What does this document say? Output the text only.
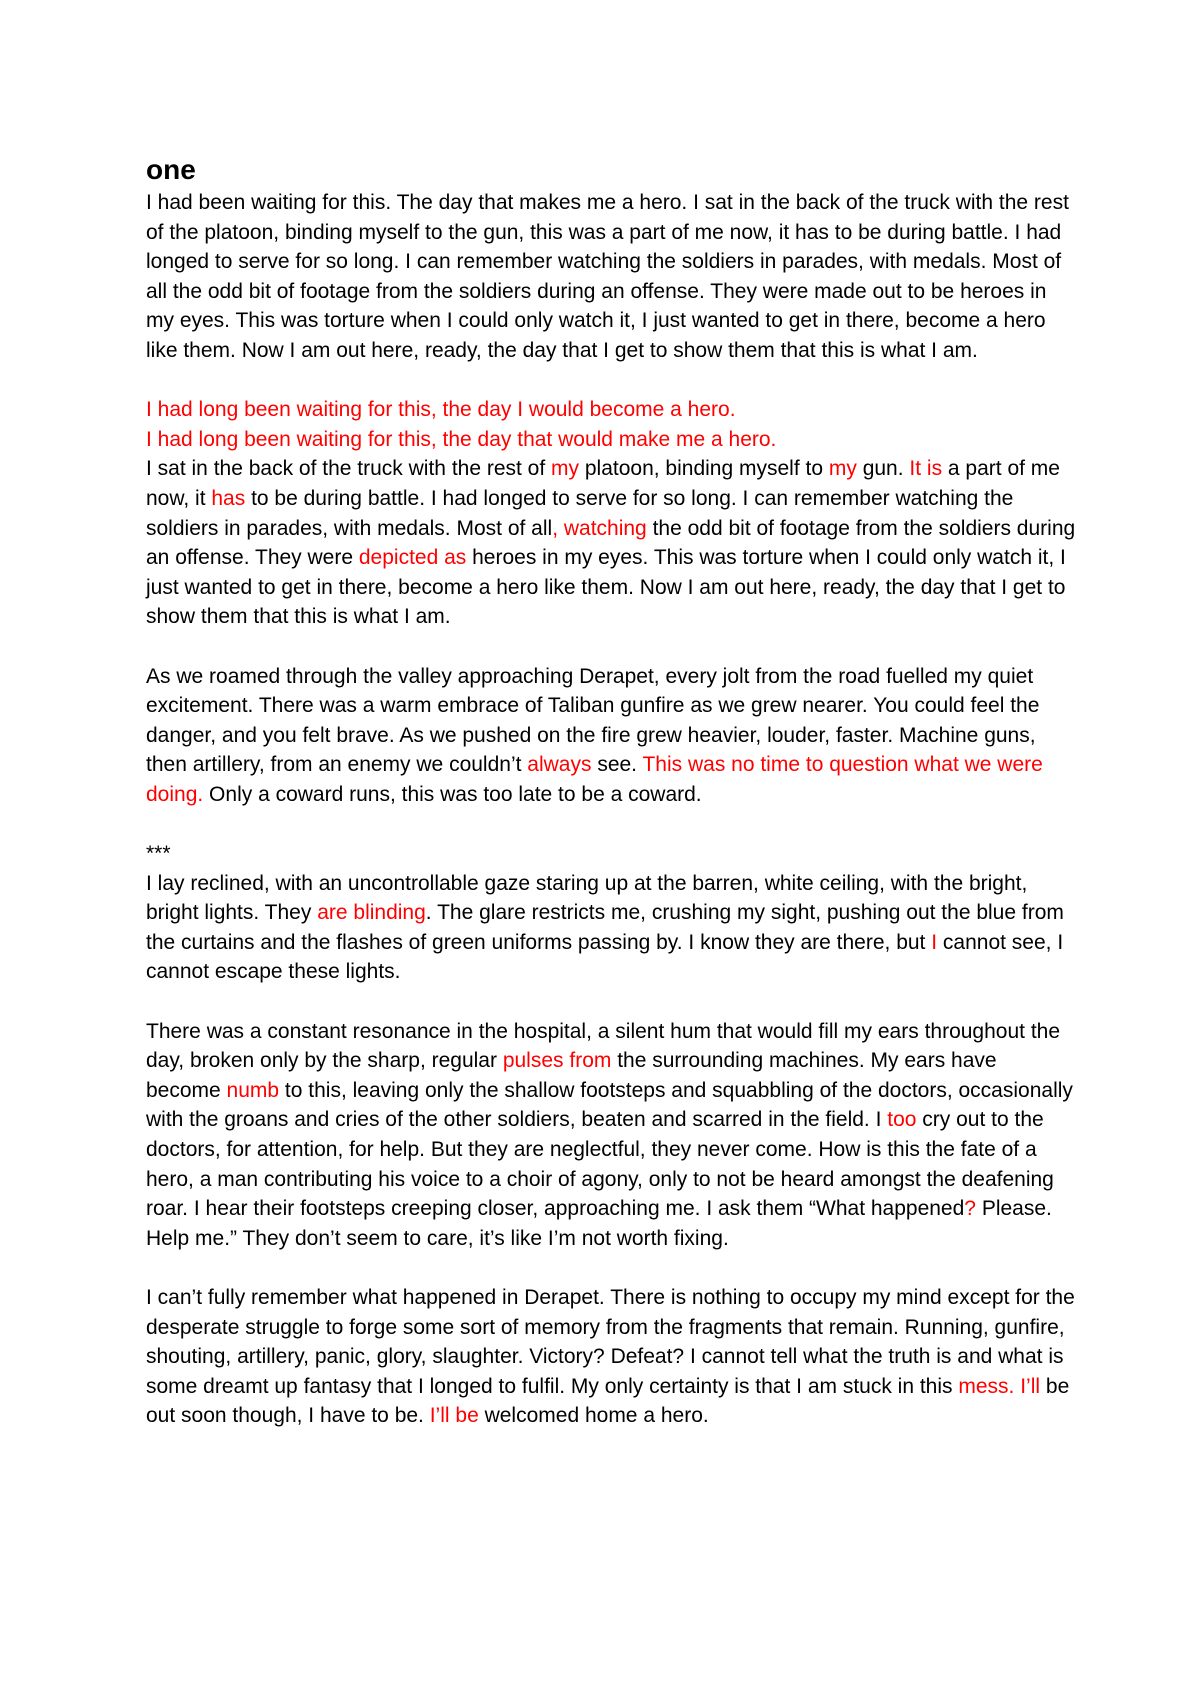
one

I had been waiting for this. The day that makes me a hero. I sat in the back of the truck with the rest of the platoon, binding myself to the gun, this was a part of me now, it has to be during battle. I had longed to serve for so long. I can remember watching the soldiers in parades, with medals. Most of all the odd bit of footage from the soldiers during an offense. They were made out to be heroes in my eyes. This was torture when I could only watch it, I just wanted to get in there, become a hero like them. Now I am out here, ready, the day that I get to show them that this is what I am.

I had long been waiting for this, the day I would become a hero.

I had long been waiting for this, the day that would make me a hero.

I sat in the back of the truck with the rest of my platoon, binding myself to my gun. It is a part of me now, it has to be during battle. I had longed to serve for so long. I can remember watching the soldiers in parades, with medals. Most of all, watching the odd bit of footage from the soldiers during an offense. They were depicted as heroes in my eyes. This was torture when I could only watch it, I just wanted to get in there, become a hero like them. Now I am out here, ready, the day that I get to show them that this is what I am.

As we roamed through the valley approaching Derapet, every jolt from the road fuelled my quiet excitement. There was a warm embrace of Taliban gunfire as we grew nearer. You could feel the danger, and you felt brave. As we pushed on the fire grew heavier, louder, faster. Machine guns, then artillery, from an enemy we couldn’t always see. This was no time to question what we were doing. Only a coward runs, this was too late to be a coward.

***

I lay reclined, with an uncontrollable gaze staring up at the barren, white ceiling, with the bright, bright lights. They are blinding. The glare restricts me, crushing my sight, pushing out the blue from the curtains and the flashes of green uniforms passing by. I know they are there, but I cannot see, I cannot escape these lights.

There was a constant resonance in the hospital, a silent hum that would fill my ears throughout the day, broken only by the sharp, regular pulses from the surrounding machines. My ears have become numb to this, leaving only the shallow footsteps and squabbling of the doctors, occasionally with the groans and cries of the other soldiers, beaten and scarred in the field. I too cry out to the doctors, for attention, for help. But they are neglectful, they never come. How is this the fate of a hero, a man contributing his voice to a choir of agony, only to not be heard amongst the deafening roar. I hear their footsteps creeping closer, approaching me. I ask them “What happened? Please. Help me.” They don’t seem to care, it’s like I’m not worth fixing.

I can’t fully remember what happened in Derapet. There is nothing to occupy my mind except for the desperate struggle to forge some sort of memory from the fragments that remain. Running, gunfire, shouting, artillery, panic, glory, slaughter. Victory? Defeat? I cannot tell what the truth is and what is some dreamt up fantasy that I longed to fulfil. My only certainty is that I am stuck in this mess. I’ll be out soon though, I have to be. I’ll be welcomed home a hero.
